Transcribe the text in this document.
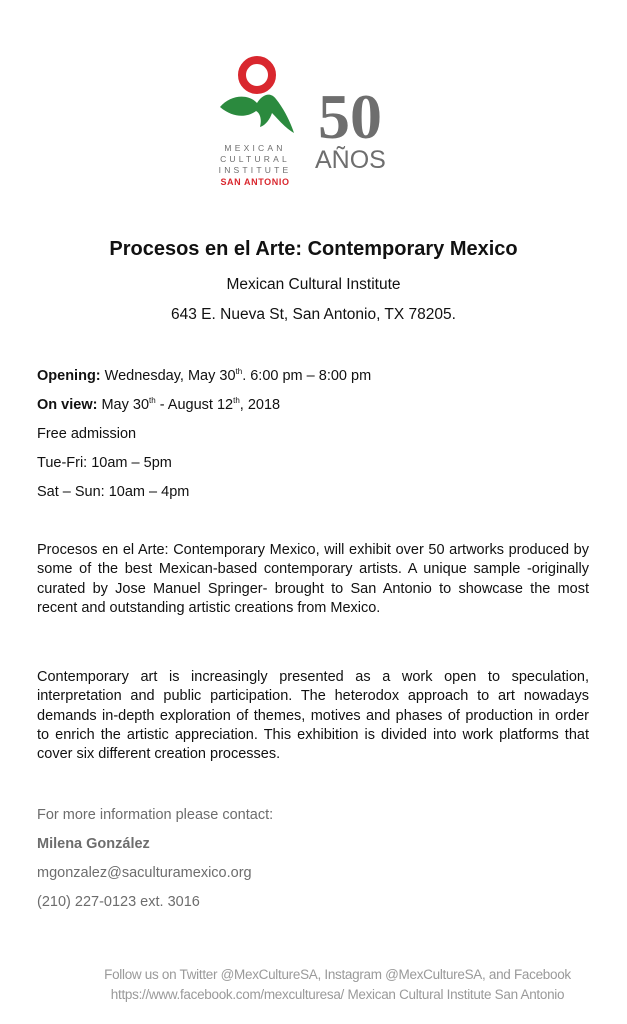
MEXICAN
CULTURAL
INSTITUTE
SAN ANTONIO
50
AÑOS
Procesos en el Arte: Contemporary Mexico
Mexican Cultural Institute
643 E. Nueva St, San Antonio, TX 78205.
Opening: Wednesday, May 30th. 6:00 pm – 8:00 pm
On view: May 30th - August 12th, 2018
Free admission
Tue-Fri: 10am – 5pm
Sat – Sun: 10am – 4pm
Procesos en el Arte: Contemporary Mexico, will exhibit over 50 artworks produced by some of the best Mexican-based contemporary artists. A unique sample -originally curated by Jose Manuel Springer- brought to San Antonio to showcase the most recent and outstanding artistic creations from Mexico.
Contemporary art is increasingly presented as a work open to speculation, interpretation and public participation. The heterodox approach to art nowadays demands in-depth exploration of themes, motives and phases of production in order to enrich the artistic appreciation. This exhibition is divided into work platforms that cover six different creation processes.
For more information please contact:
Milena González
mgonzalez@saculturamexico.org
(210) 227-0123 ext. 3016
Follow us on Twitter @MexCultureSA, Instagram @MexCultureSA, and Facebook https://www.facebook.com/mexculturesa/ Mexican Cultural Institute San Antonio
